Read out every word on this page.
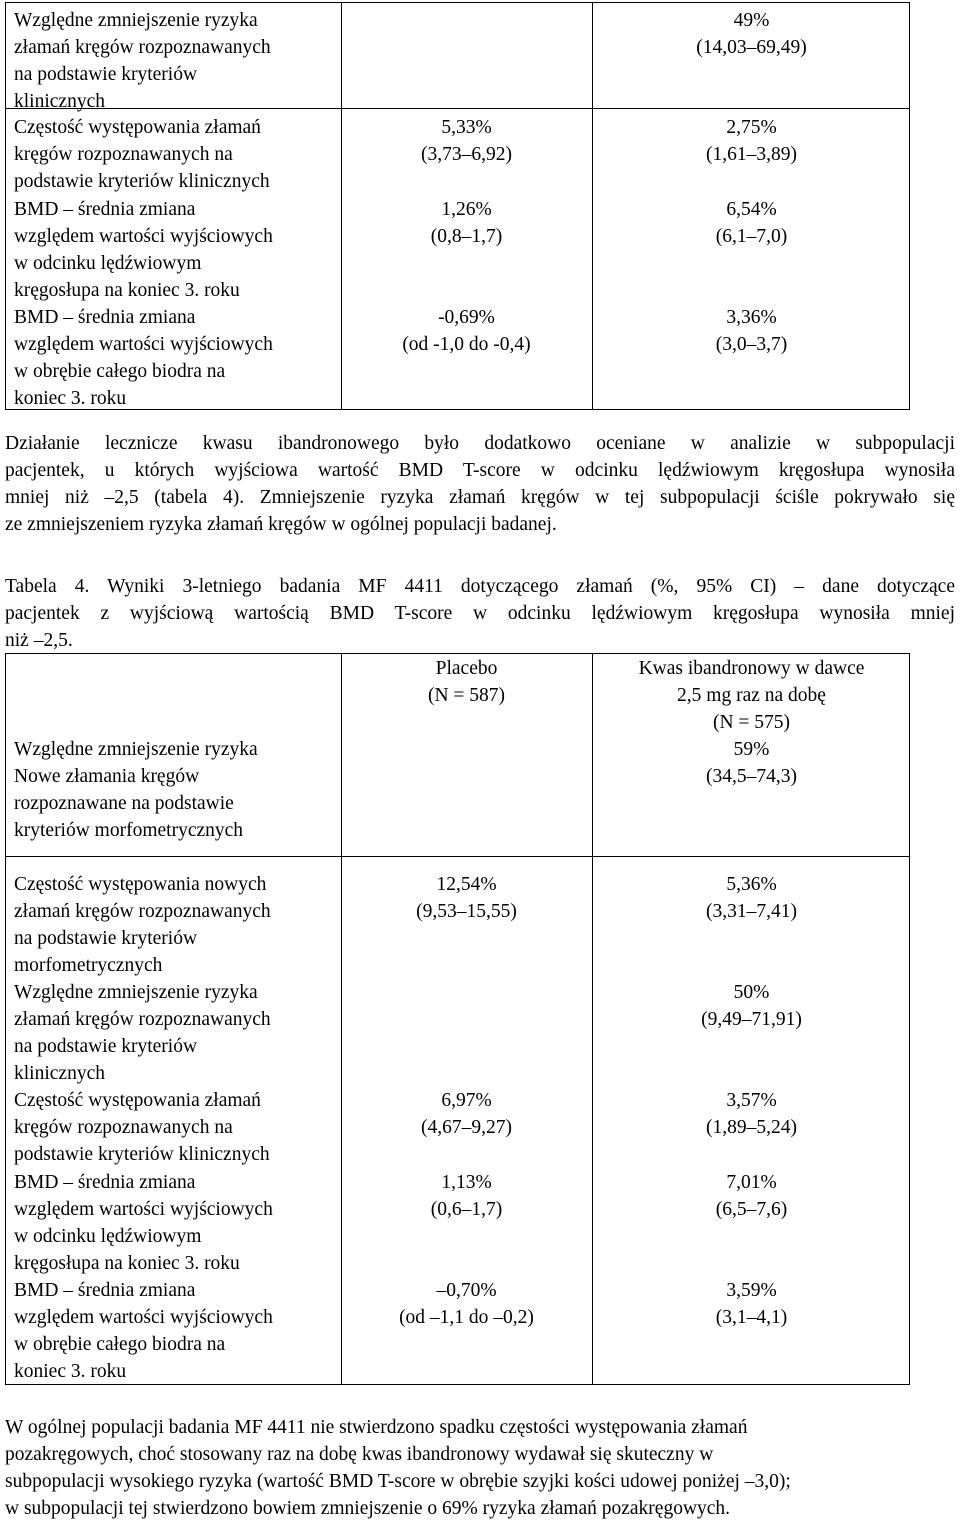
Względne zmniejszenie ryzyka
złamań kręgów rozpoznawanych
na podstawie kryteriów
klinicznych
49%
(14,03–69,49)
Częstość występowania złamań
kręgów rozpoznawanych na
podstawie kryteriów klinicznych
5,33%
(3,73–6,92)
2,75%
(1,61–3,89)
BMD – średnia zmiana
względem wartości wyjściowych
w odcinku lędźwiowym
kręgosłupa na koniec 3. roku
1,26%
(0,8–1,7)
6,54%
(6,1–7,0)
BMD – średnia zmiana
względem wartości wyjściowych
w obrębie całego biodra na
koniec 3. roku
-0,69%
(od -1,0 do -0,4)
3,36%
(3,0–3,7)
Działanie lecznicze kwasu ibandronowego było dodatkowo oceniane w analizie w subpopulacji
pacjentek, u których wyjściowa wartość BMD T-score w odcinku lędźwiowym kręgosłupa wynosiła
mniej niż –2,5 (tabela 4). Zmniejszenie ryzyka złamań kręgów w tej subpopulacji ściśle pokrywało się
ze zmniejszeniem ryzyka złamań kręgów w ogólnej populacji badanej.
Tabela 4. Wyniki 3-letniego badania MF 4411 dotyczącego złamań (%, 95% CI) – dane dotyczące
pacjentek z wyjściową wartością BMD T-score w odcinku lędźwiowym kręgosłupa wynosiła mniej
niż –2,5.
Placebo
(N = 587)
Kwas ibandronowy w dawce
2,5 mg raz na dobę
(N = 575)
Względne zmniejszenie ryzyka
Nowe złamania kręgów
rozpoznawane na podstawie
kryteriów morfometrycznych
59%
(34,5–74,3)
Częstość występowania nowych
złamań kręgów rozpoznawanych
na podstawie kryteriów
morfometrycznych
12,54%
(9,53–15,55)
5,36%
(3,31–7,41)
Względne zmniejszenie ryzyka
złamań kręgów rozpoznawanych
na podstawie kryteriów
klinicznych
50%
(9,49–71,91)
Częstość występowania złamań
kręgów rozpoznawanych na
podstawie kryteriów klinicznych
6,97%
(4,67–9,27)
3,57%
(1,89–5,24)
BMD – średnia zmiana
względem wartości wyjściowych
w odcinku lędźwiowym
kręgosłupa na koniec 3. roku
1,13%
(0,6–1,7)
7,01%
(6,5–7,6)
BMD – średnia zmiana
względem wartości wyjściowych
w obrębie całego biodra na
koniec 3. roku
–0,70%
(od –1,1 do –0,2)
3,59%
(3,1–4,1)
W ogólnej populacji badania MF 4411 nie stwierdzono spadku częstości występowania złamań
pozakręgowych, choć stosowany raz na dobę kwas ibandronowy wydawał się skuteczny w
subpopulacji wysokiego ryzyka (wartość BMD T-score w obrębie szyjki kości udowej poniżej –3,0);
w subpopulacji tej stwierdzono bowiem zmniejszenie o 69% ryzyka złamań pozakręgowych.
